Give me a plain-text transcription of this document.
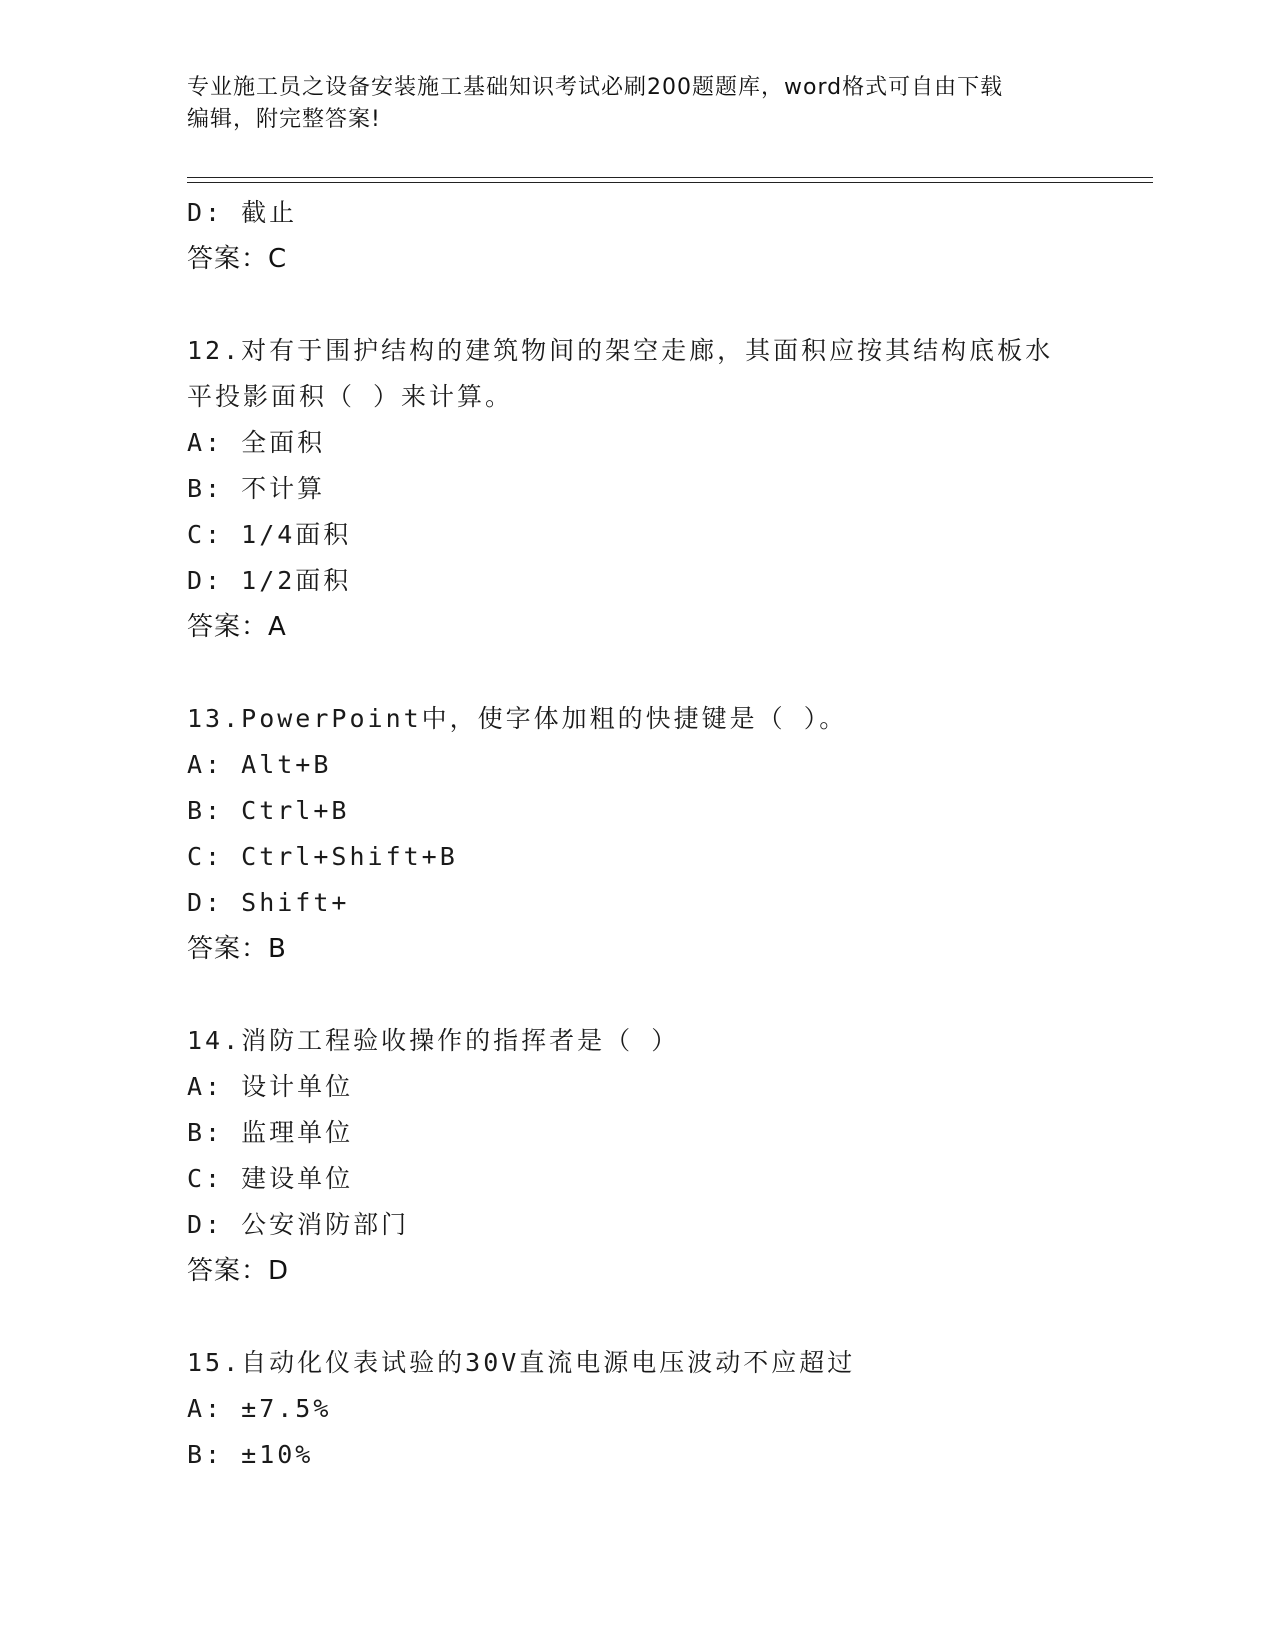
专业施工员之设备安装施工基础知识考试必刷200题题库，word格式可自由下载
编辑，附完整答案!
D: 截止
答案：C
12.对有于围护结构的建筑物间的架空走廊，其面积应按其结构底板水
平投影面积（ ）来计算。
A: 全面积
B: 不计算
C: 1/4面积
D: 1/2面积
答案：A
13.PowerPoint中，使字体加粗的快捷键是（ ）。
A: Alt+B
B: Ctrl+B
C: Ctrl+Shift+B
D: Shift+
答案：B
14.消防工程验收操作的指挥者是（ ）
A: 设计单位
B: 监理单位
C: 建设单位
D: 公安消防部门
答案：D
15.自动化仪表试验的30V直流电源电压波动不应超过
A: ±7.5%
B: ±10%
